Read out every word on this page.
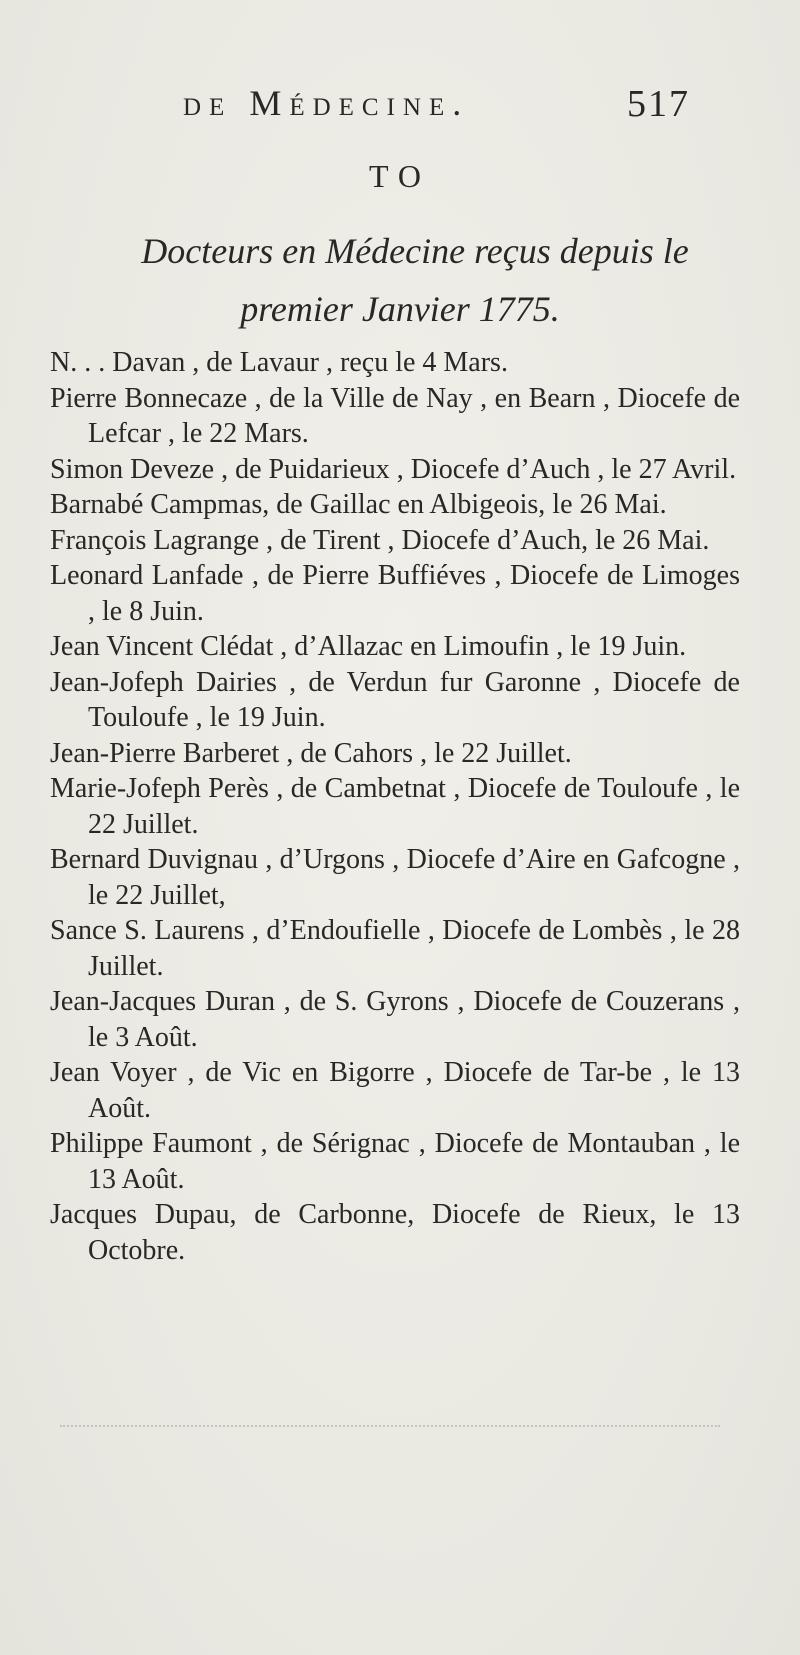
de Médecine.	517
TO
Docteurs en Médecine reçus depuis le
premier Janvier 1775.
N. . . Davan , de Lavaur , reçu le 4 Mars.
Pierre Bonnecaze , de la Ville de Nay , en Bearn , Diocefe de Lefcar , le 22 Mars.
Simon Deveze , de Puidarieux , Diocefe d’Auch , le 27 Avril.
Barnabé Campmas, de Gaillac en Albigeois, le 26 Mai.
François Lagrange , de Tirent , Diocefe d’Auch, le 26 Mai.
Leonard Lanfade , de Pierre Buffiéves , Diocefe de Limoges , le 8 Juin.
Jean Vincent Clédat , d’Allazac en Limoufin , le 19 Juin.
Jean-Jofeph Dairies , de Verdun fur Garonne , Diocefe de Touloufe , le 19 Juin.
Jean-Pierre Barberet , de Cahors , le 22 Juillet.
Marie-Jofeph Perès , de Cambetnat , Diocefe de Touloufe , le 22 Juillet.
Bernard Duvignau , d’Urgons , Diocefe d’Aire en Gafcogne , le 22 Juillet,
Sance S. Laurens , d’Endoufielle , Diocefe de Lombès , le 28 Juillet.
Jean-Jacques Duran , de S. Gyrons , Diocefe de Couzerans , le 3 Août.
Jean Voyer , de Vic en Bigorre , Diocefe de Tar-be , le 13 Août.
Philippe Faumont , de Sérignac , Diocefe de Montauban , le 13 Août.
Jacques Dupau, de Carbonne, Diocefe de Rieux, le 13 Octobre.
